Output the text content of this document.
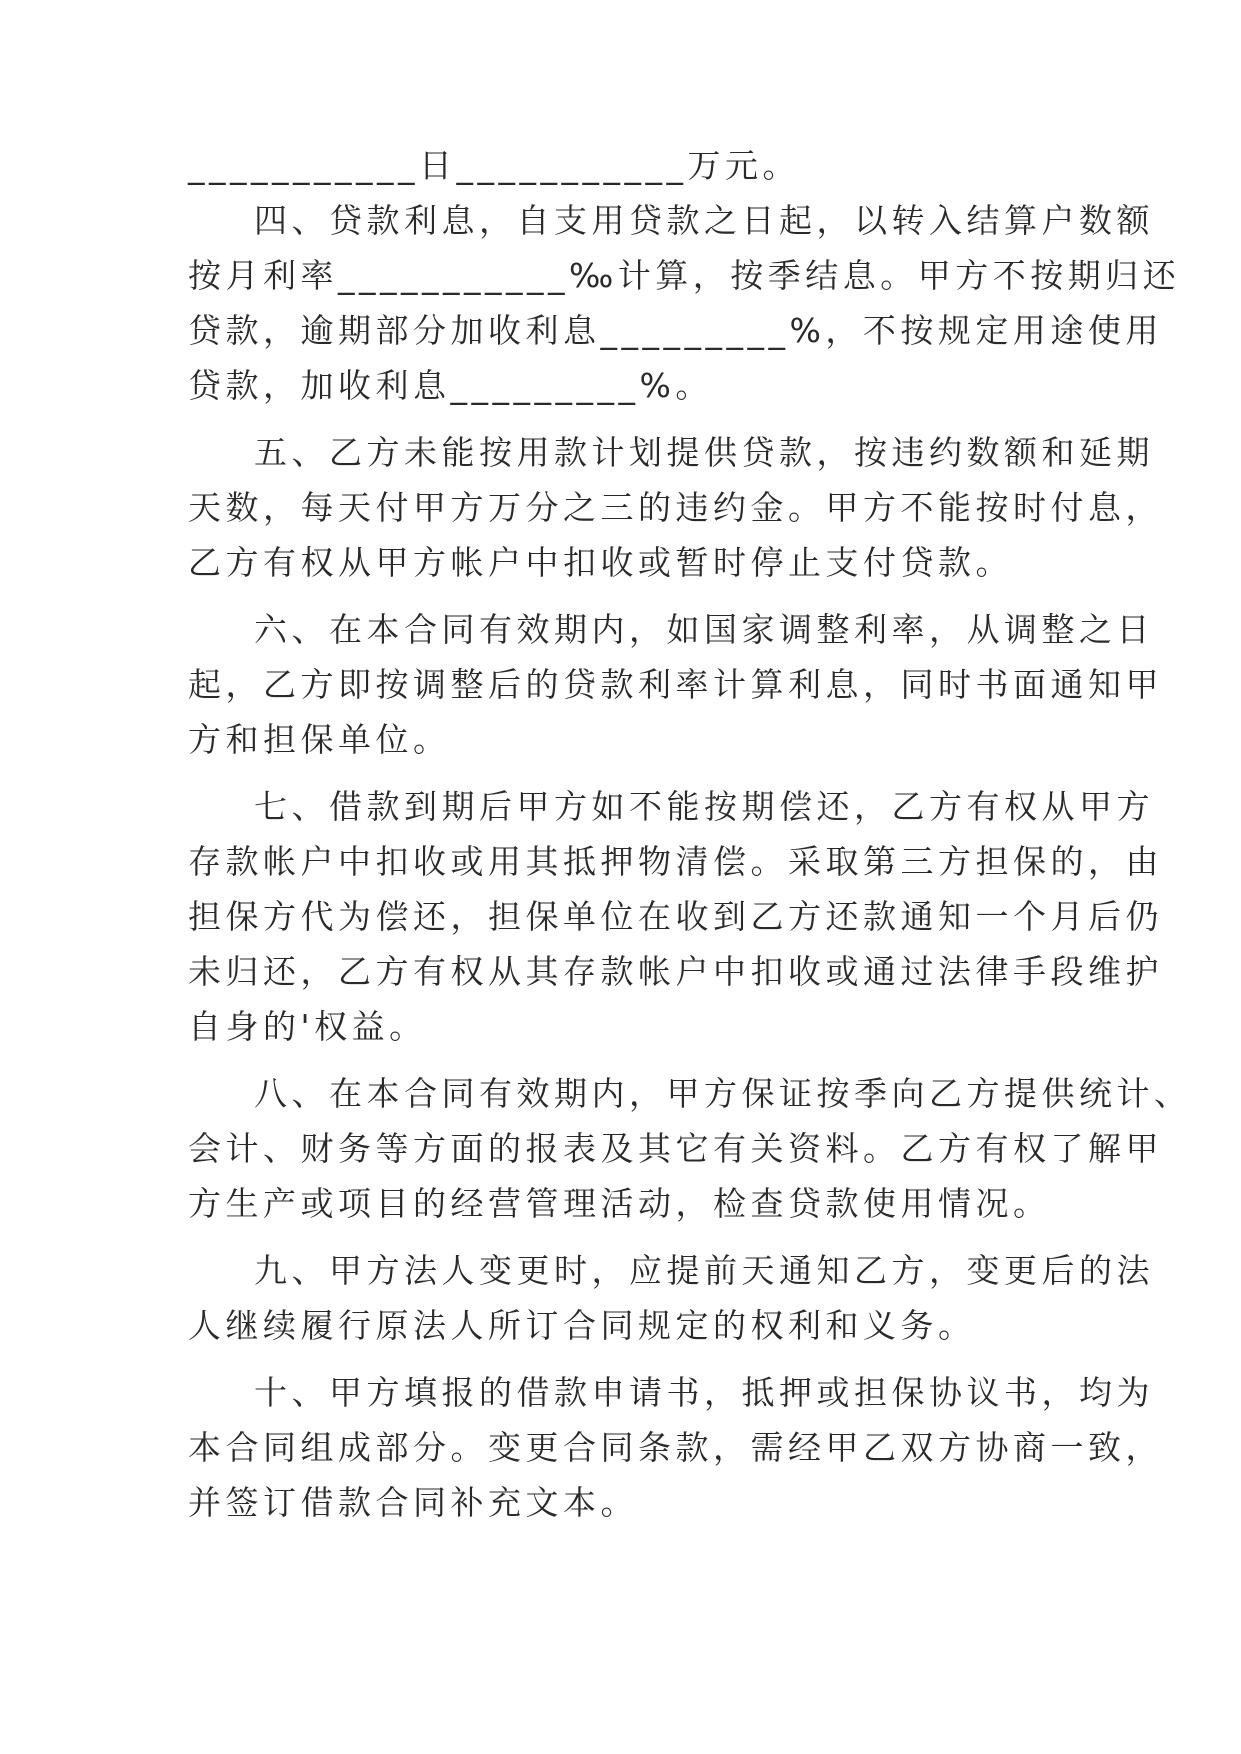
___________日___________万元。
四、贷款利息，自支用贷款之日起，以转入结算户数额
按月利率___________‰计算，按季结息。甲方不按期归还
贷款，逾期部分加收利息_________%，不按规定用途使用
贷款，加收利息_________%。
五、乙方未能按用款计划提供贷款，按违约数额和延期
天数，每天付甲方万分之三的违约金。甲方不能按时付息，
乙方有权从甲方帐户中扣收或暂时停止支付贷款。
六、在本合同有效期内，如国家调整利率，从调整之日
起，乙方即按调整后的贷款利率计算利息，同时书面通知甲
方和担保单位。
七、借款到期后甲方如不能按期偿还，乙方有权从甲方
存款帐户中扣收或用其抵押物清偿。采取第三方担保的，由
担保方代为偿还，担保单位在收到乙方还款通知一个月后仍
未归还，乙方有权从其存款帐户中扣收或通过法律手段维护
自身的'权益。
八、在本合同有效期内，甲方保证按季向乙方提供统计、
会计、财务等方面的报表及其它有关资料。乙方有权了解甲
方生产或项目的经营管理活动，检查贷款使用情况。
九、甲方法人变更时，应提前天通知乙方，变更后的法
人继续履行原法人所订合同规定的权利和义务。
十、甲方填报的借款申请书，抵押或担保协议书，均为
本合同组成部分。变更合同条款，需经甲乙双方协商一致，
并签订借款合同补充文本。
